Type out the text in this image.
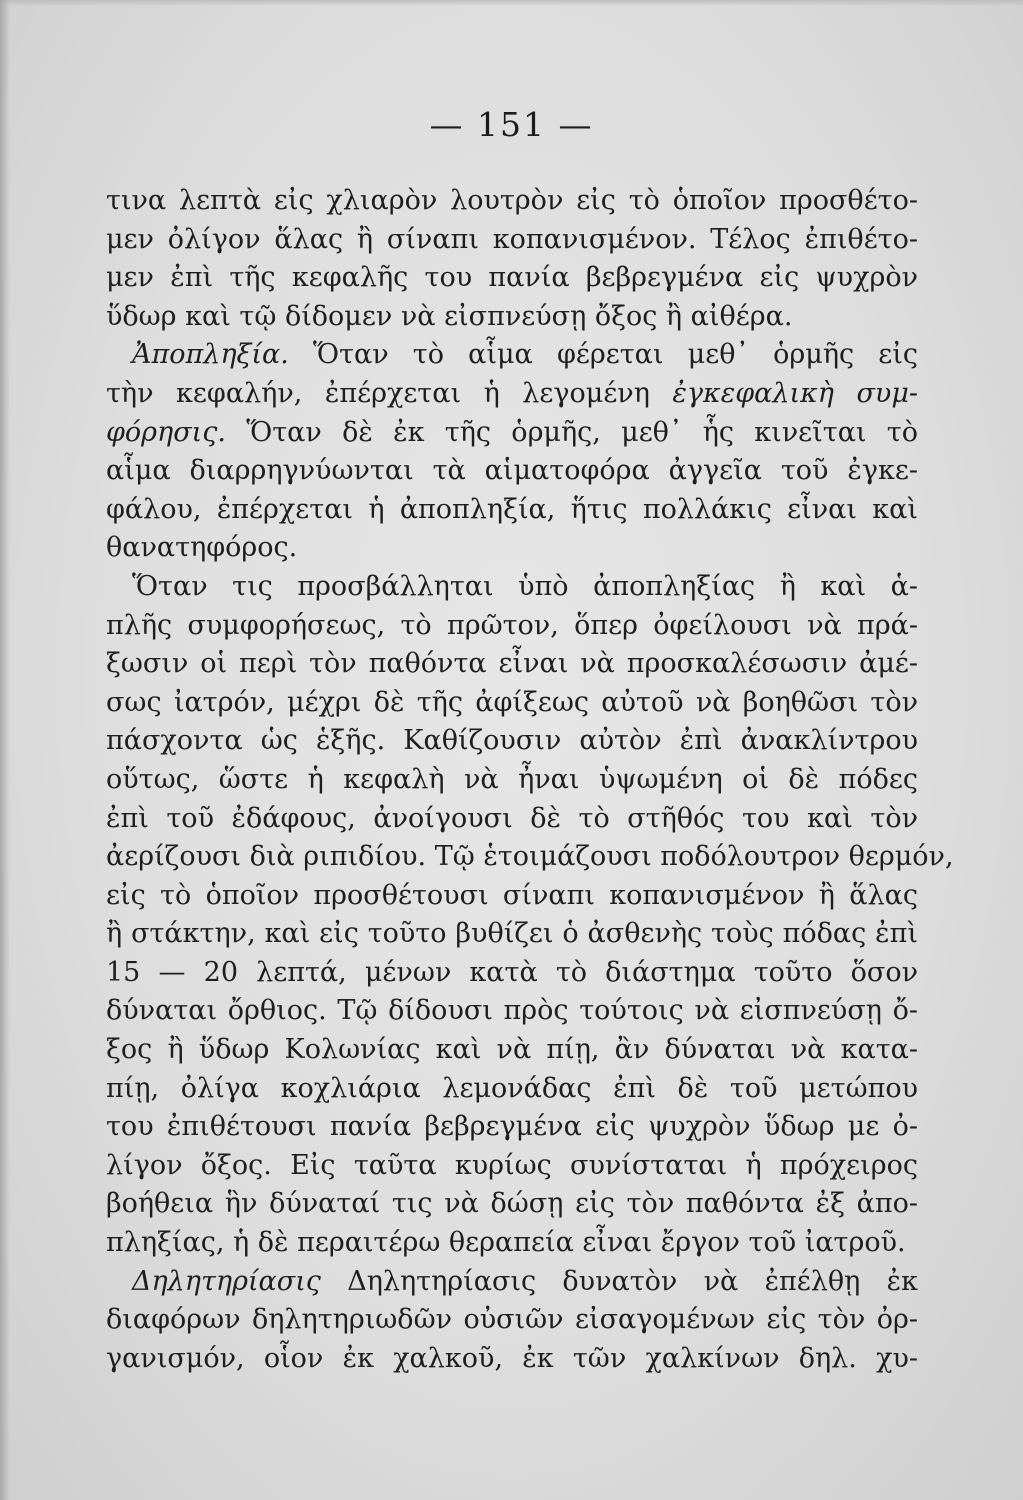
— 151 —
τινα λεπτὰ εἰς χλιαρὸν λουτρὸν εἰς τὸ ὁποῖον προσθέτο-
μεν ὀλίγον ἅλας ἢ σίναπι κοπανισμένον. Τέλος ἐπιθέτο-
μεν ἐπὶ τῆς κεφαλῆς του πανία βεβρεγμένα εἰς ψυχρὸν
ὕδωρ καὶ τῷ δίδομεν νὰ εἰσπνεύσῃ ὄξος ἢ αἰθέρα.
Ἀποπληξία. Ὅταν τὸ αἷμα φέρεται μεθ᾽ ὁρμῆς εἰς
τὴν κεφαλήν, ἐπέρχεται ἡ λεγομένη ἐγκεφαλικὴ συμ-
φόρησις. Ὅταν δὲ ἐκ τῆς ὁρμῆς, μεθ᾽ ἧς κινεῖται τὸ
αἷμα διαρρηγνύωνται τὰ αἱματοφόρα ἀγγεῖα τοῦ ἐγκε-
φάλου, ἐπέρχεται ἡ ἀποπληξία, ἥτις πολλάκις εἶναι καὶ
θανατηφόρος.
Ὅταν τις προσβάλληται ὑπὸ ἀποπληξίας ἢ καὶ ἁ-
πλῆς συμφορήσεως, τὸ πρῶτον, ὅπερ ὀφείλουσι νὰ πρά-
ξωσιν οἱ περὶ τὸν παθόντα εἶναι νὰ προσκαλέσωσιν ἀμέ-
σως ἰατρόν, μέχρι δὲ τῆς ἀφίξεως αὐτοῦ νὰ βοηθῶσι τὸν
πάσχοντα ὡς ἑξῆς. Καθίζουσιν αὐτὸν ἐπὶ ἀνακλίντρου
οὕτως, ὥστε ἡ κεφαλὴ νὰ ἦναι ὑψωμένη οἱ δὲ πόδες
ἐπὶ τοῦ ἐδάφους, ἀνοίγουσι δὲ τὸ στῆθός του καὶ τὸν
ἀερίζουσι διὰ ριπιδίου. Τῷ ἑτοιμάζουσι ποδόλουτρον θερμόν,
εἰς τὸ ὁποῖον προσθέτουσι σίναπι κοπανισμένον ἢ ἅλας
ἢ στάκτην, καὶ εἰς τοῦτο βυθίζει ὁ ἀσθενὴς τοὺς πόδας ἐπὶ
15 — 20 λεπτά, μένων κατὰ τὸ διάστημα τοῦτο ὅσον
δύναται ὄρθιος. Τῷ δίδουσι πρὸς τούτοις νὰ εἰσπνεύσῃ ὄ-
ξος ἢ ὕδωρ Κολωνίας καὶ νὰ πίῃ, ἂν δύναται νὰ κατα-
πίῃ, ὀλίγα κοχλιάρια λεμονάδας ἐπὶ δὲ τοῦ μετώπου
του ἐπιθέτουσι πανία βεβρεγμένα εἰς ψυχρὸν ὕδωρ με ὀ-
λίγον ὄξος. Εἰς ταῦτα κυρίως συνίσταται ἡ πρόχειρος
βοήθεια ἣν δύναταί τις νὰ δώσῃ εἰς τὸν παθόντα ἐξ ἀπο-
πληξίας, ἡ δὲ περαιτέρω θεραπεία εἶναι ἔργον τοῦ ἰατροῦ.
Δηλητηρίασις Δηλητηρίασις δυνατὸν νὰ ἐπέλθῃ ἐκ
διαφόρων δηλητηριωδῶν οὐσιῶν εἰσαγομένων εἰς τὸν ὀρ-
γανισμόν, οἷον ἐκ χαλκοῦ, ἐκ τῶν χαλκίνων δηλ. χυ-
